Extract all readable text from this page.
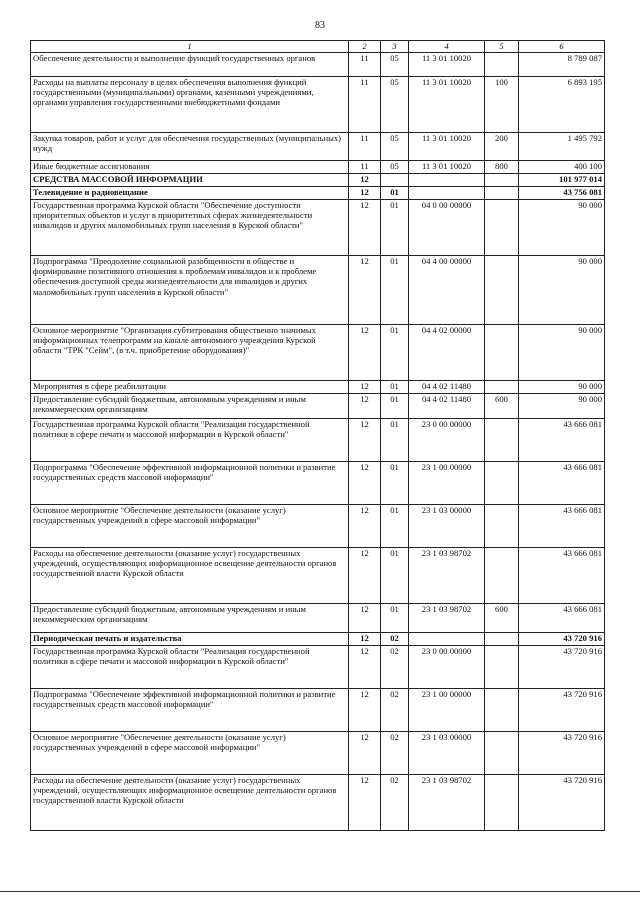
83
1	2	3	4	5	6
Обеспечение деятельности и выполнение функций государственных органов	11	05	11 3 01 10020		8 789 087
Расходы на выплаты персоналу в целях обеспечения выполнения функций государственными (муниципальными) органами, казенными учреждениями, органами управления государственными внебюджетными фондами	11	05	11 3 01 10020	100	6 893 195
Закупка товаров, работ и услуг для обеспечения государственных (муниципальных) нужд	11	05	11 3 01 10020	200	1 495 792
Иные бюджетные ассигнования	11	05	11 3 01 10020	800	400 100
СРЕДСТВА МАССОВОЙ ИНФОРМАЦИИ	12				101 977 014
Телевидение и радиовещание	12	01			43 756 081
Государственная программа Курской области "Обеспечение доступности приоритетных объектов и услуг в приоритетных сферах жизнедеятельности инвалидов и других маломобильных групп населения в Курской области"	12	01	04 0 00 00000		90 000
Подпрограмма "Преодоление социальной разобщенности в обществе и формирование позитивного отношения к проблемам инвалидов и к проблеме обеспечения доступной среды жизнедеятельности для инвалидов и других маломобильных групп населения в Курской области"	12	01	04 4 00 00000		90 000
Основное мероприятие "Организация субтитрования общественно значимых информационных телепрограмм на канале автономного учреждения Курской области "ТРК "Сейм", (в т.ч. приобретение оборудования)"	12	01	04 4 02 00000		90 000
Мероприятия в сфере реабилитации	12	01	04 4 02 11480		90 000
Предоставление субсидий бюджетным, автономным учреждениям и иным некоммерческим организациям	12	01	04 4 02 11480	600	90 000
Государственная программа Курской области "Реализация государственной политики в сфере печати и массовой информации в Курской области"	12	01	23 0 00 00000		43 666 081
Подпрограмма "Обеспечение эффективной информационной политики и развитие государственных средств массовой информации"	12	01	23 1 00 00000		43 666 081
Основное мероприятие "Обеспечение деятельности (оказание услуг) государственных учреждений в сфере массовой информации"	12	01	23 1 03 00000		43 666 081
Расходы на обеспечение деятельности (оказание услуг) государственных учреждений, осуществляющих информационное освещение деятельности органов государственной власти Курской области	12	01	23 1 03 98702		43 666 081
Предоставление субсидий бюджетным, автономным учреждениям и иным некоммерческим организациям	12	01	23 1 03 98702	600	43 666 081
Периодическая печать и издательства	12	02			43 720 916
Государственная программа Курской области "Реализация государственной политики в сфере печати и массовой информации в Курской области"	12	02	23 0 00 00000		43 720 916
Подпрограмма "Обеспечение эффективной информационной политики и развитие государственных средств массовой информации"	12	02	23 1 00 00000		43 720 916
Основное мероприятие "Обеспечение деятельности (оказание услуг) государственных учреждений в сфере массовой информации"	12	02	23 1 03 00000		43 720 916
Расходы на обеспечение деятельности (оказание услуг) государственных учреждений, осуществляющих информационное освещение деятельности органов государственной власти Курской области	12	02	23 1 03 98702		43 720 916
